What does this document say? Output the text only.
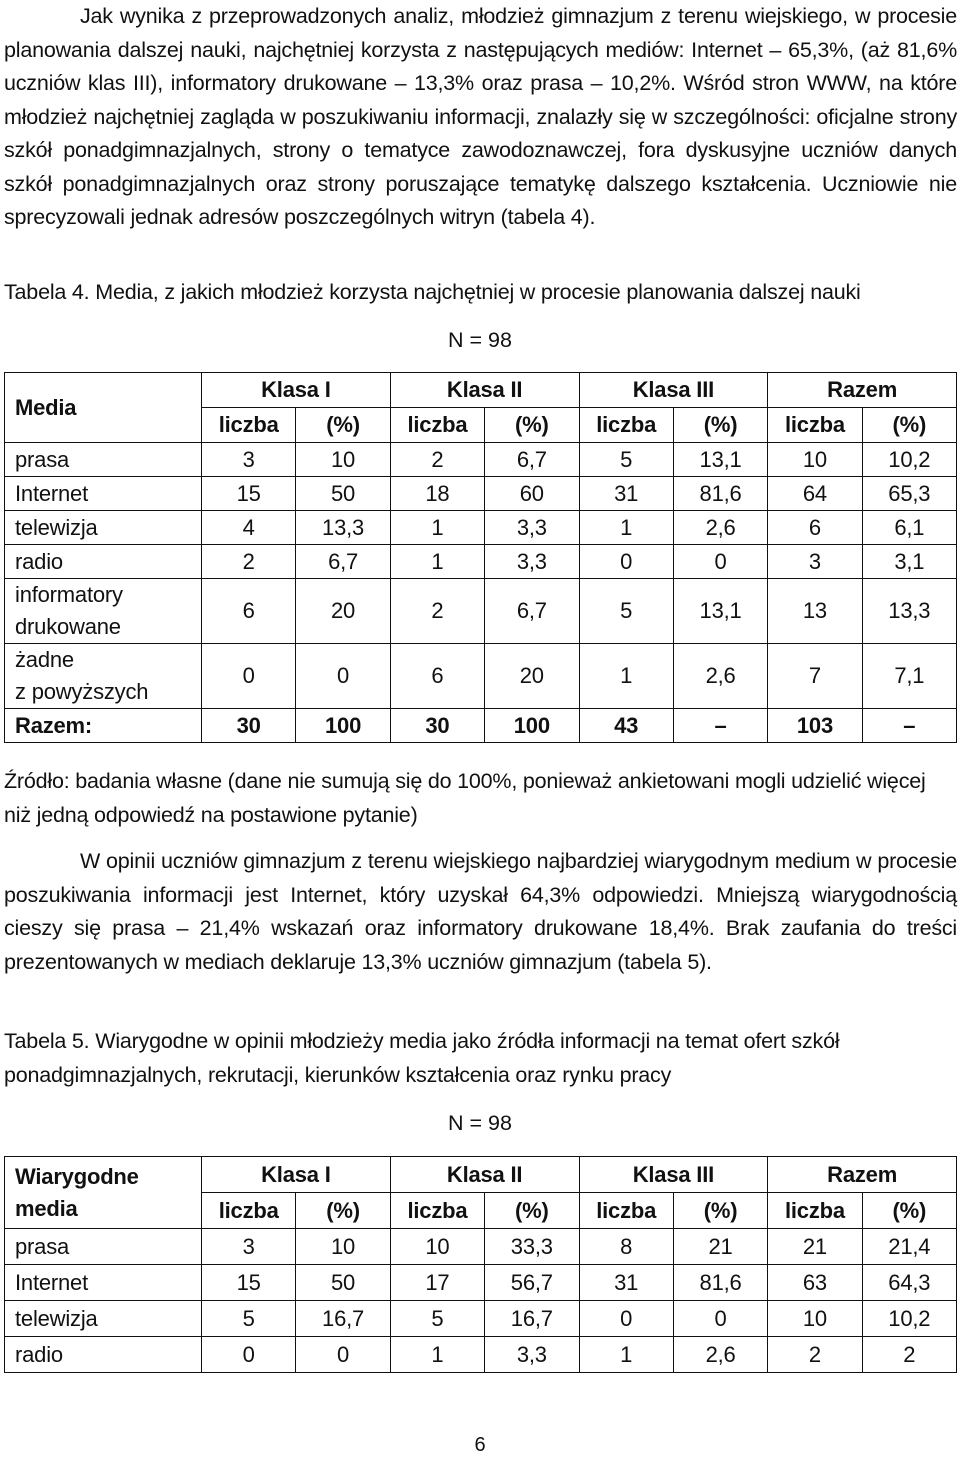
Jak wynika z przeprowadzonych analiz, młodzież gimnazjum z terenu wiejskiego, w procesie planowania dalszej nauki, najchętniej korzysta z następujących mediów: Internet – 65,3%, (aż 81,6% uczniów klas III), informatory drukowane – 13,3% oraz prasa – 10,2%. Wśród stron WWW, na które młodzież najchętniej zagląda w poszukiwaniu informacji, znalazły się w szczególności: oficjalne strony szkół ponadgimnazjalnych, strony o tematyce zawodoznawczej, fora dyskusyjne uczniów danych szkół ponadgimnazjalnych oraz strony poruszające tematykę dalszego kształcenia. Uczniowie nie sprecyzowali jednak adresów poszczególnych witryn (tabela 4).

Tabela 4. Media, z jakich młodzież korzysta najchętniej w procesie planowania dalszej nauki

N = 98

Media	Klasa I		Klasa II		Klasa III		Razem	
	liczba	(%)	liczba	(%)	liczba	(%)	liczba	(%)
prasa	3	10	2	6,7	5	13,1	10	10,2
Internet	15	50	18	60	31	81,6	64	65,3
telewizja	4	13,3	1	3,3	1	2,6	6	6,1
radio	2	6,7	1	3,3	0	0	3	3,1
informatory
drukowane	6	20	2	6,7	5	13,1	13	13,3
żadne
z powyższych	0	0	6	20	1	2,6	7	7,1
Razem:	30	100	30	100	43	–	103	–

Źródło: badania własne (dane nie sumują się do 100%, ponieważ ankietowani mogli udzielić więcej niż jedną odpowiedź na postawione pytanie)

W opinii uczniów gimnazjum z terenu wiejskiego najbardziej wiarygodnym medium w procesie poszukiwania informacji jest Internet, który uzyskał 64,3% odpowiedzi. Mniejszą wiarygodnością cieszy się prasa – 21,4% wskazań oraz informatory drukowane 18,4%. Brak zaufania do treści prezentowanych w mediach deklaruje 13,3% uczniów gimnazjum (tabela 5).

Tabela 5. Wiarygodne w opinii młodzieży media jako źródła informacji na temat ofert szkół ponadgimnazjalnych, rekrutacji, kierunków kształcenia oraz rynku pracy

N = 98

Wiarygodne
media	Klasa I		Klasa II		Klasa III		Razem	
	liczba	(%)	liczba	(%)	liczba	(%)	liczba	(%)
prasa	3	10	10	33,3	8	21	21	21,4
Internet	15	50	17	56,7	31	81,6	63	64,3
telewizja	5	16,7	5	16,7	0	0	10	10,2
radio	0	0	1	3,3	1	2,6	2	2

6
